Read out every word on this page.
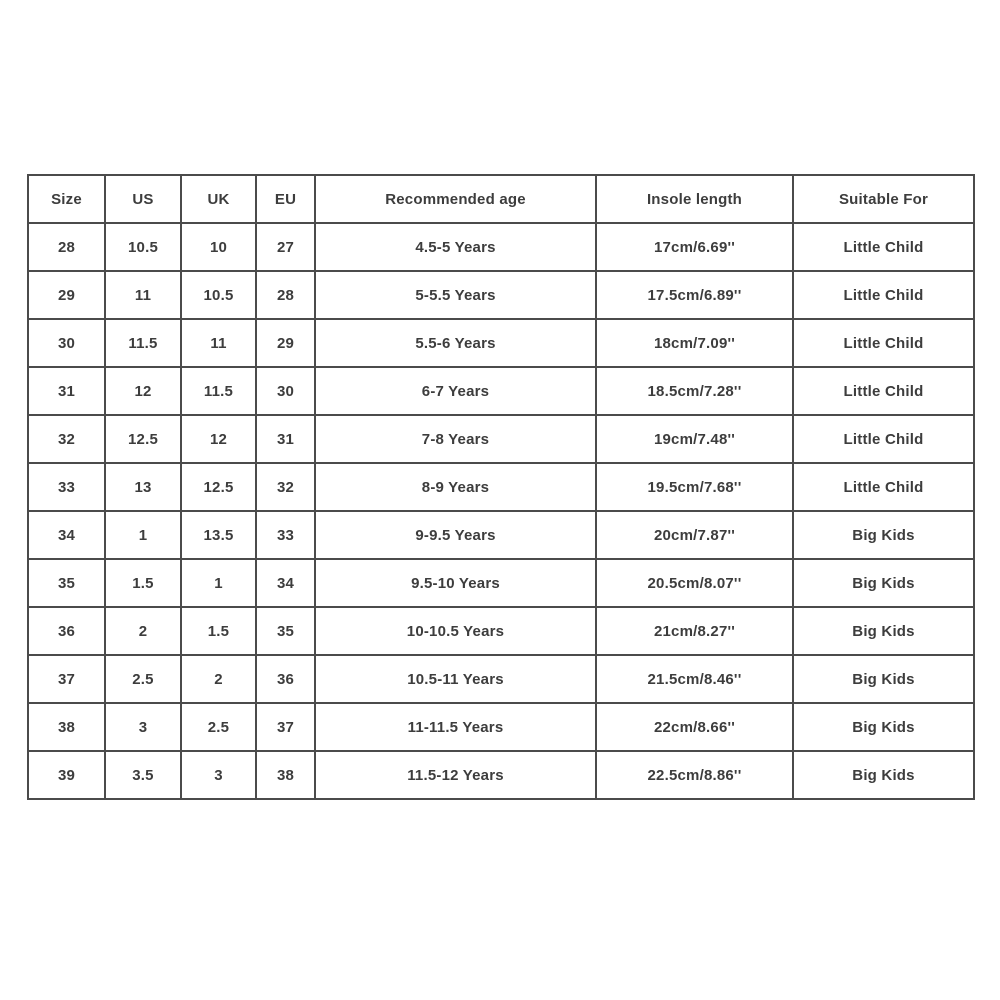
Size	US	UK	EU	Recommended age	Insole length	Suitable For
28	10.5	10	27	4.5-5 Years	17cm/6.69''	Little Child
29	11	10.5	28	5-5.5 Years	17.5cm/6.89''	Little Child
30	11.5	11	29	5.5-6 Years	18cm/7.09''	Little Child
31	12	11.5	30	6-7 Years	18.5cm/7.28''	Little Child
32	12.5	12	31	7-8 Years	19cm/7.48''	Little Child
33	13	12.5	32	8-9 Years	19.5cm/7.68''	Little Child
34	1	13.5	33	9-9.5 Years	20cm/7.87''	Big Kids
35	1.5	1	34	9.5-10 Years	20.5cm/8.07''	Big Kids
36	2	1.5	35	10-10.5 Years	21cm/8.27''	Big Kids
37	2.5	2	36	10.5-11 Years	21.5cm/8.46''	Big Kids
38	3	2.5	37	11-11.5 Years	22cm/8.66''	Big Kids
39	3.5	3	38	11.5-12 Years	22.5cm/8.86''	Big Kids
